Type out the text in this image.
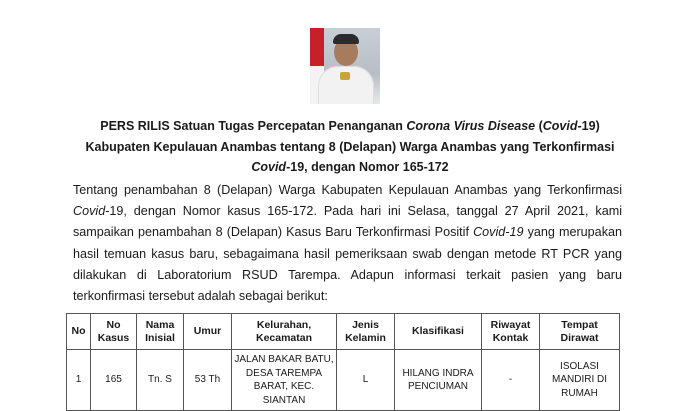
PERS RILIS Satuan Tugas Percepatan Penanganan Corona Virus Disease (Covid-19)
Kabupaten Kepulauan Anambas tentang 8 (Delapan) Warga Anambas yang Terkonfirmasi
Covid-19, dengan Nomor 165-172
Tentang penambahan 8 (Delapan) Warga Kabupaten Kepulauan Anambas yang Terkonfirmasi Covid-19, dengan Nomor kasus 165-172. Pada hari ini Selasa, tanggal 27 April 2021, kami sampaikan penambahan 8 (Delapan) Kasus Baru Terkonfirmasi Positif Covid-19 yang merupakan hasil temuan kasus baru, sebagaimana hasil pemeriksaan swab dengan metode RT PCR yang dilakukan di Laboratorium RSUD Tarempa. Adapun informasi terkait pasien yang baru terkonfirmasi tersebut adalah sebagai berikut:
No	No Kasus	Nama Inisial	Umur	Kelurahan, Kecamatan	Jenis Kelamin	Klasifikasi	Riwayat Kontak	Tempat Dirawat
1	165	Tn. S	53 Th	JALAN BAKAR BATU, DESA TAREMPA BARAT, KEC. SIANTAN	L	HILANG INDRA PENCIUMAN	-	ISOLASI MANDIRI DI RUMAH
